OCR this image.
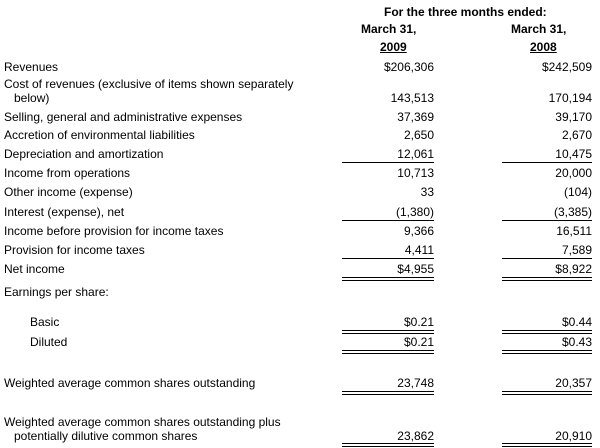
For the three months ended:
March 31,
2009
March 31,
2008
Revenues	$206,306	$242,509
Cost of revenues (exclusive of items shown separately
below)	143,513	170,194
Selling, general and administrative expenses	37,369	39,170
Accretion of environmental liabilities	2,650	2,670
Depreciation and amortization	12,061	10,475
Income from operations	10,713	20,000
Other income (expense)	33	(104)
Interest (expense), net	(1,380)	(3,385)
Income before provision for income taxes	9,366	16,511
Provision for income taxes	4,411	7,589
Net income	$4,955	$8,922
Earnings per share:
Basic	$0.21	$0.44
Diluted	$0.21	$0.43
Weighted average common shares outstanding	23,748	20,357
Weighted average common shares outstanding plus
potentially dilutive common shares	23,862	20,910
